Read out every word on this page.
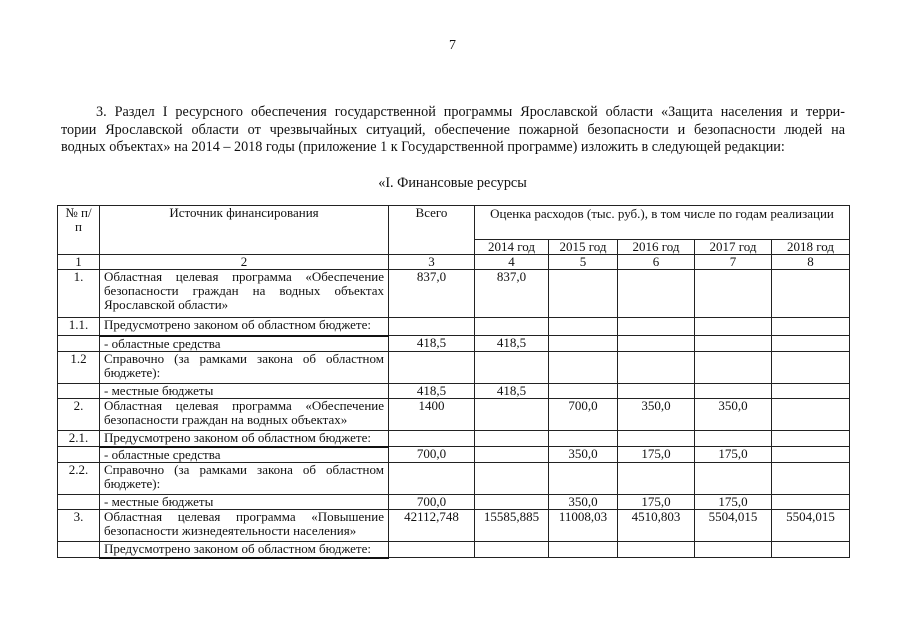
7
3. Раздел I ресурсного обеспечения государственной программы Ярославской области «Защита населения и терри-
тории Ярославской области от чрезвычайных ситуаций, обеспечение пожарной безопасности и безопасности людей на
водных объектах» на 2014 – 2018 годы (приложение 1 к Государственной программе) изложить в следующей редакции:
«I. Финансовые ресурсы
№ п/п	Источник финансирования	Всего	Оценка расходов (тыс. руб.), в том числе по годам реализации				
			2014 год	2015 год	2016 год	2017 год	2018 год
1	2	3	4	5	6	7	8
1.	Областная целевая программа «Обеспечение безопасности граждан на водных объектах Ярославской области»	837,0	837,0				
1.1.	Предусмотрено законом об областном бюджете:						
	- областные средства	418,5	418,5				
1.2	Справочно (за рамками закона об областном бюджете):						
	- местные бюджеты	418,5	418,5				
2.	Областная целевая программа «Обеспечение безопасности граждан на водных объектах»	1400		700,0	350,0	350,0	
2.1.	Предусмотрено законом об областном бюджете:						
	- областные средства	700,0		350,0	175,0	175,0	
2.2.	Справочно (за рамками закона об областном бюджете):						
	- местные бюджеты	700,0		350,0	175,0	175,0	
3.	Областная целевая программа «Повышение безопасности жизнедеятельности населения»	42112,748	15585,885	11008,03	4510,803	5504,015	5504,015
	Предусмотрено законом об областном бюджете:						
